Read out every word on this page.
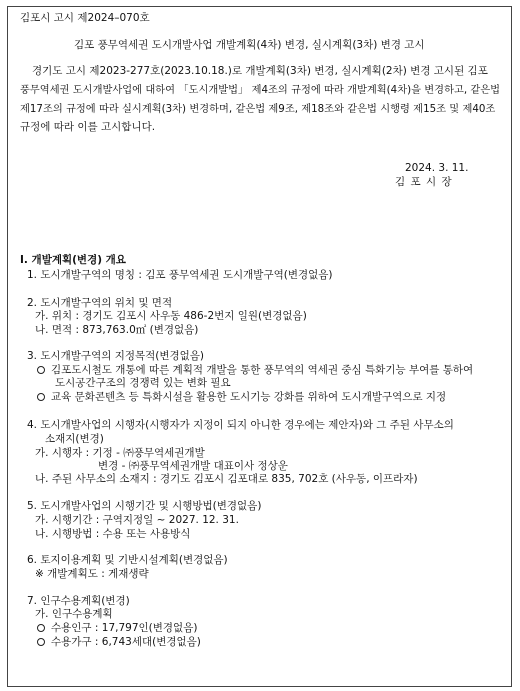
김포시 고시 제2024–070호
김포 풍무역세권 도시개발사업 개발계획(4차) 변경, 실시계획(3차) 변경 고시
경기도 고시 제2023-277호(2023.10.18.)로 개발계획(3차) 변경, 실시계획(2차) 변경 고시된 김포
풍무역세권 도시개발사업에 대하여 「도시개발법」 제4조의 규정에 따라 개발계획(4차)을 변경하고, 같은법
제17조의 규정에 따라 실시계획(3차) 변경하며, 같은법 제9조, 제18조와 같은법 시행령 제15조 및 제40조
규정에 따라 이를 고시합니다.
2024. 3. 11.
김 포 시 장
Ⅰ. 개발계획(변경) 개요
1. 도시개발구역의 명칭 : 김포 풍무역세권 도시개발구역(변경없음)
2. 도시개발구역의 위치 및 면적
가. 위치 : 경기도 김포시 사우동 486-2번지 일원(변경없음)
나. 면적 : 873,763.0㎡ (변경없음)
3. 도시개발구역의 지정목적(변경없음)
김포도시철도 개통에 따른 계획적 개발을 통한 풍무역의 역세권 중심 특화기능 부여를 통하여
도시공간구조의 경쟁력 있는 변화 필요
교육 문화콘텐츠 등 특화시설을 활용한 도시기능 강화를 위하여 도시개발구역으로 지정
4. 도시개발사업의 시행자(시행자가 지정이 되지 아니한 경우에는 제안자)와 그 주된 사무소의
소재지(변경)
가. 시행자 : 기정 - ㈜풍무역세권개발
변경 - ㈜풍무역세권개발 대표이사 정상운
나. 주된 사무소의 소재지 : 경기도 김포시 김포대로 835, 702호 (사우동, 이프라자)
5. 도시개발사업의 시행기간 및 시행방법(변경없음)
가. 시행기간 : 구역지정일 ~ 2027. 12. 31.
나. 시행방법 : 수용 또는 사용방식
6. 토지이용계획 및 기반시설계획(변경없음)
※ 개발계획도 : 게재생략
7. 인구수용계획(변경)
가. 인구수용계획
수용인구 : 17,797인(변경없음)
수용가구 : 6,743세대(변경없음)
